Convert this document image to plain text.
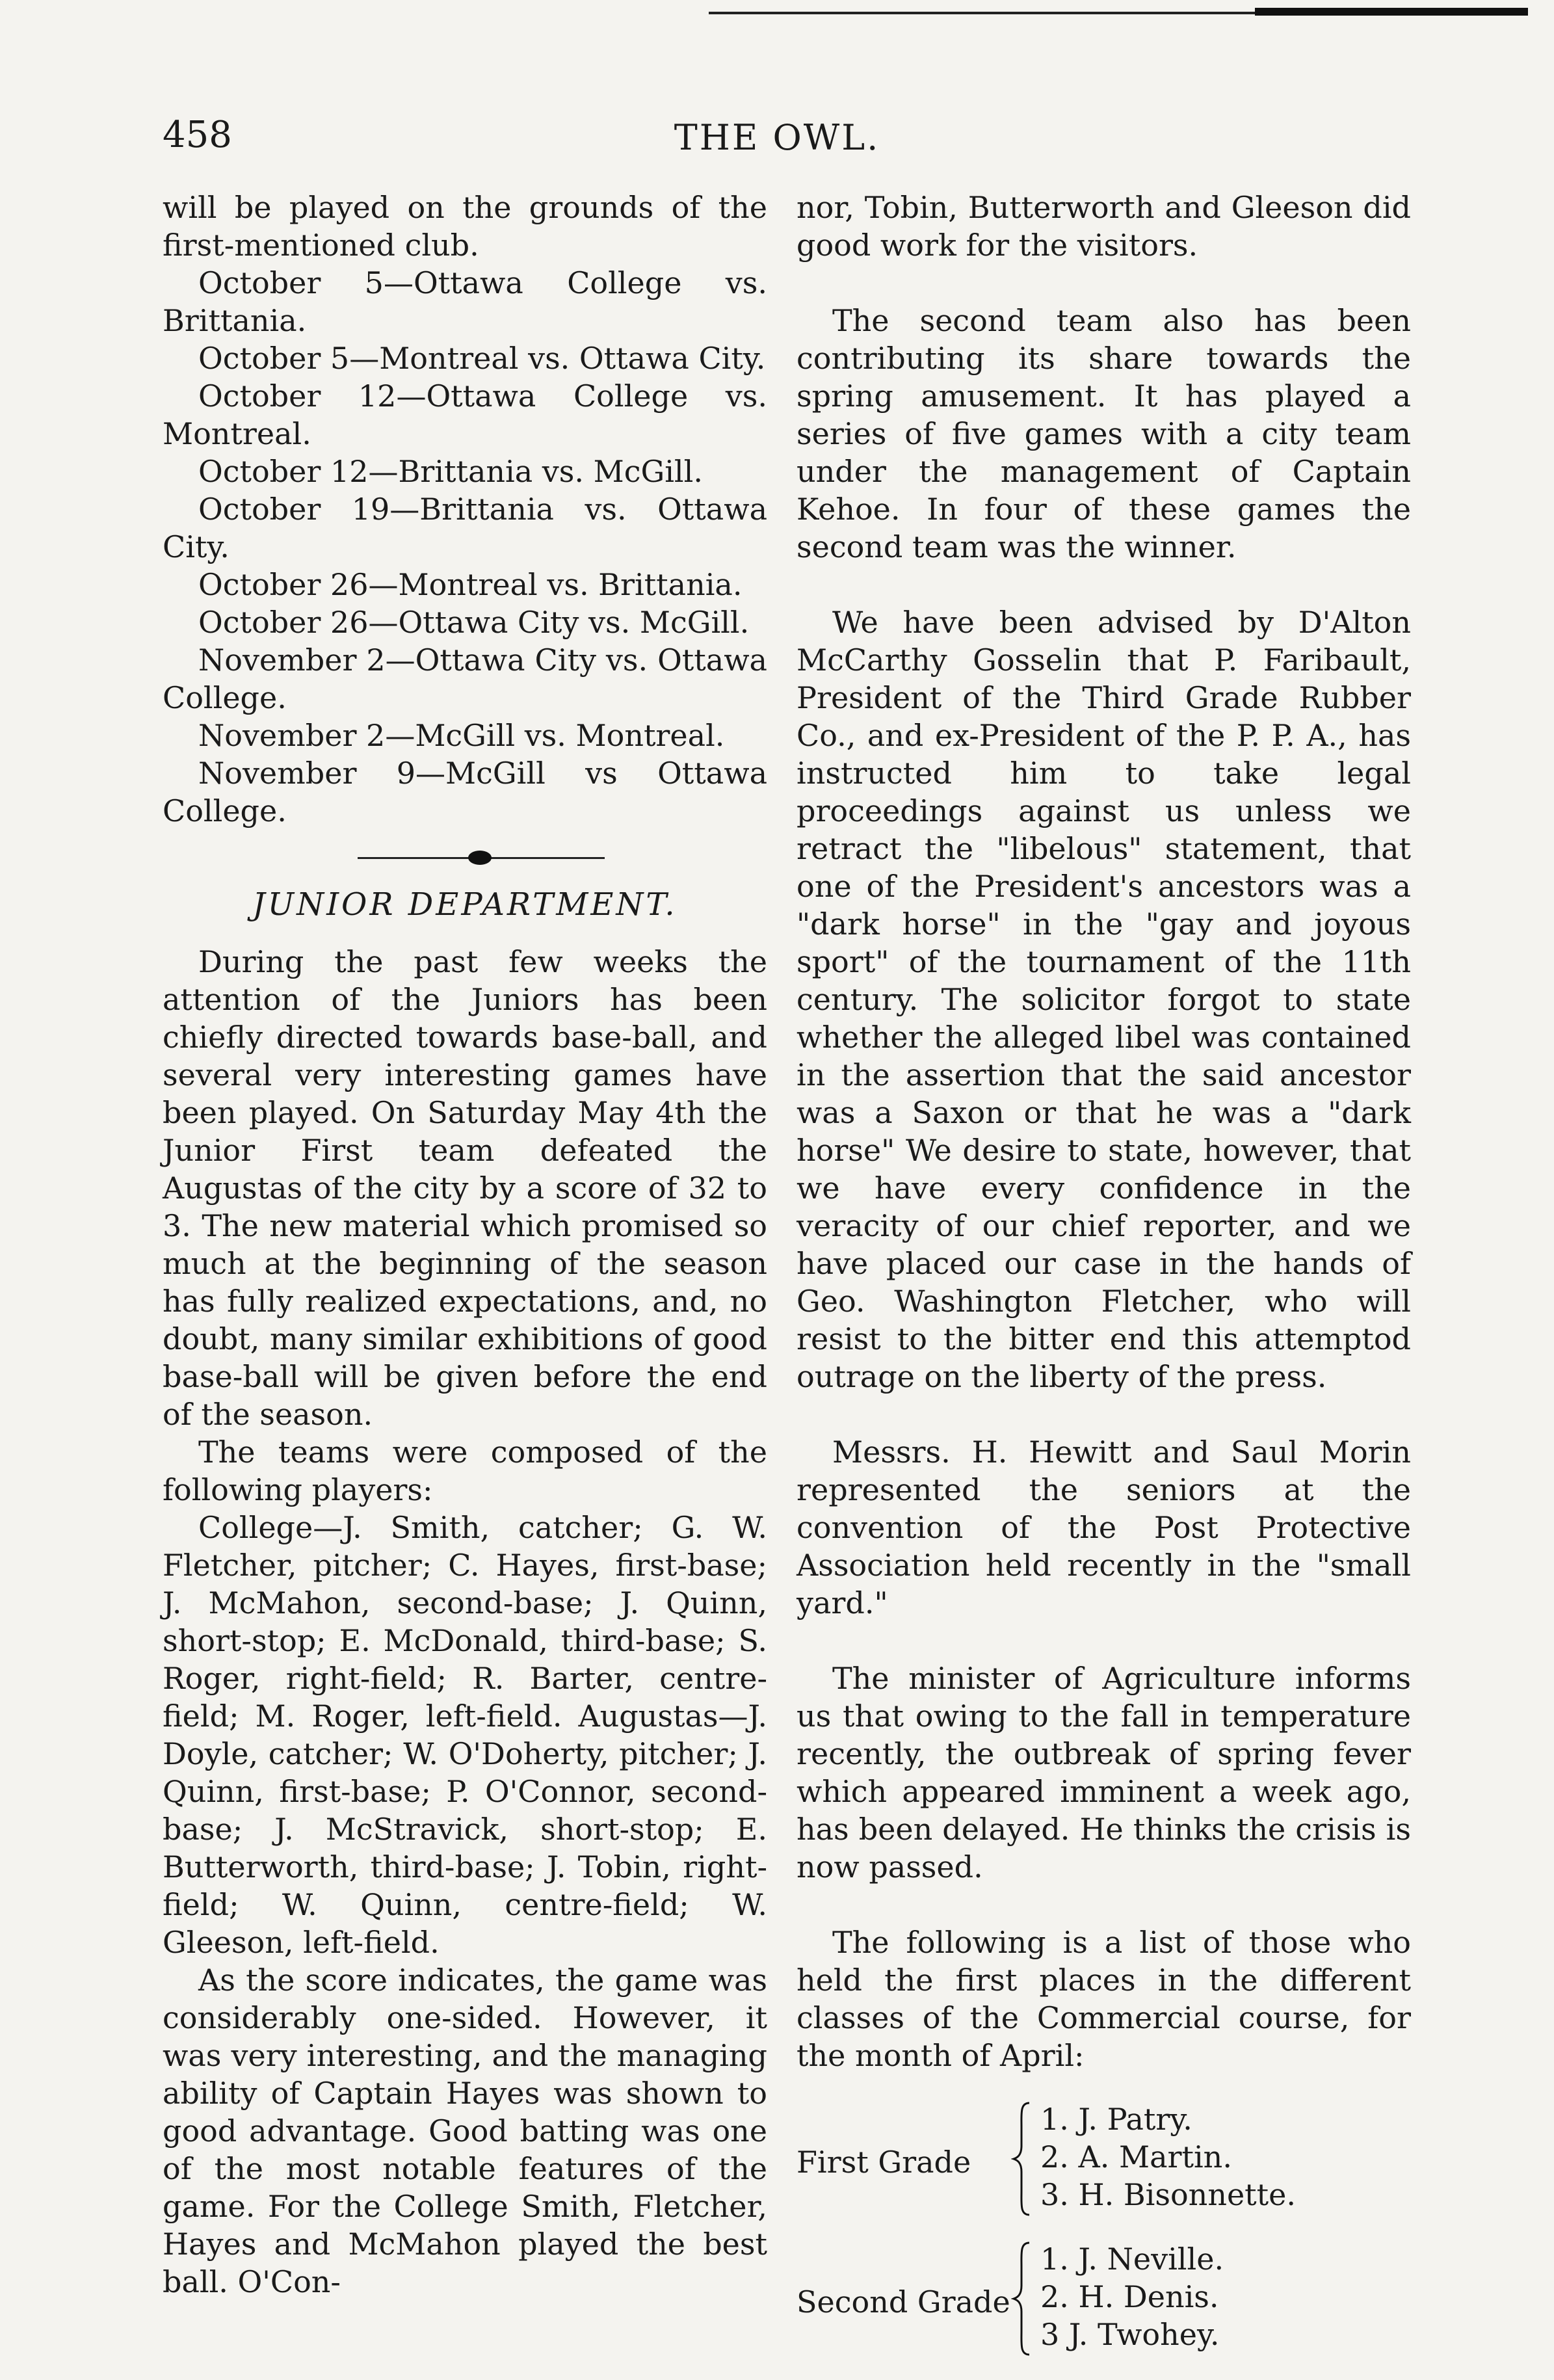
458	THE OWL.

will be played on the grounds of the first-mentioned club.

October 5—Ottawa College vs. Brittania.

October 5—Montreal vs. Ottawa City.

October 12—Ottawa College vs. Montreal.

October 12—Brittania vs. McGill.

October 19—Brittania vs. Ottawa City.

October 26—Montreal vs. Brittania.

October 26—Ottawa City vs. McGill.

November 2—Ottawa City vs. Ottawa College.

November 2—McGill vs. Montreal.

November 9—McGill vs Ottawa College.

JUNIOR DEPARTMENT.

During the past few weeks the attention of the Juniors has been chiefly directed towards base-ball, and several very interesting games have been played. On Saturday May 4th the Junior First team defeated the Augustas of the city by a score of 32 to 3. The new material which promised so much at the beginning of the season has fully realized expectations, and, no doubt, many similar exhibitions of good base-ball will be given before the end of the season.

The teams were composed of the following players:

College—J. Smith, catcher; G. W. Fletcher, pitcher; C. Hayes, first-base; J. McMahon, second-base; J. Quinn, short-stop; E. McDonald, third-base; S. Roger, right-field; R. Barter, centre-field; M. Roger, left-field. Augustas—J. Doyle, catcher; W. O'Doherty, pitcher; J. Quinn, first-base; P. O'Connor, second-base; J. McStravick, short-stop; E. Butterworth, third-base; J. Tobin, right-field; W. Quinn, centre-field; W. Gleeson, left-field.

As the score indicates, the game was considerably one-sided. However, it was very interesting, and the managing ability of Captain Hayes was shown to good advantage. Good batting was one of the most notable features of the game. For the College Smith, Fletcher, Hayes and McMahon played the best ball. O'Con-

nor, Tobin, Butterworth and Gleeson did good work for the visitors.

The second team also has been contributing its share towards the spring amusement. It has played a series of five games with a city team under the management of Captain Kehoe. In four of these games the second team was the winner.

We have been advised by D'Alton McCarthy Gosselin that P. Faribault, President of the Third Grade Rubber Co., and ex-President of the P. P. A., has instructed him to take legal proceedings against us unless we retract the "libelous" statement, that one of the President's ancestors was a "dark horse" in the "gay and joyous sport" of the tournament of the 11th century. The solicitor forgot to state whether the alleged libel was contained in the assertion that the said ancestor was a Saxon or that he was a "dark horse" We desire to state, however, that we have every confidence in the veracity of our chief reporter, and we have placed our case in the hands of Geo. Washington Fletcher, who will resist to the bitter end this attemptod outrage on the liberty of the press.

Messrs. H. Hewitt and Saul Morin represented the seniors at the convention of the Post Protective Association held recently in the "small yard."

The minister of Agriculture informs us that owing to the fall in temperature recently, the outbreak of spring fever which appeared imminent a week ago, has been delayed. He thinks the crisis is now passed.

The following is a list of those who held the first places in the different classes of the Commercial course, for the month of April:

First Grade
1. J. Patry.
2. A. Martin.
3. H. Bisonnette.
Second Grade
1. J. Neville.
2. H. Denis.
3 J. Twohey.
